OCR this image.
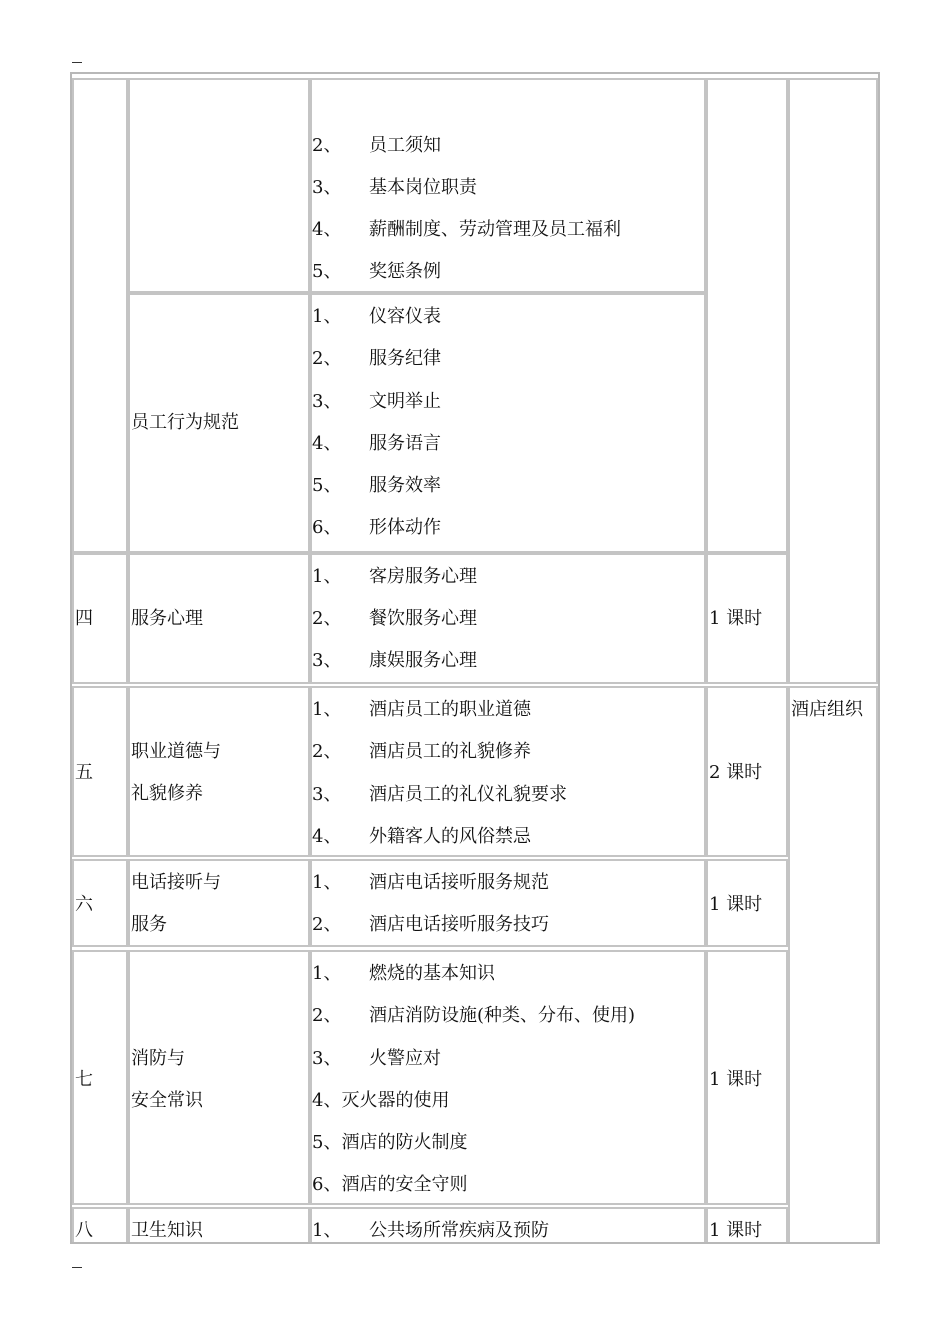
四
五
六
七
八
员工行为规范
服务心理
职业道德与
礼貌修养
电话接听与
服务
消防与
安全常识
卫生知识
2、 员工须知
3、 基本岗位职责
4、 薪酬制度、劳动管理及员工福利
5、 奖惩条例
1、 仪容仪表
2、 服务纪律
3、 文明举止
4、 服务语言
5、 服务效率
6、 形体动作
1、 客房服务心理
2、 餐饮服务心理
3、 康娱服务心理
1、 酒店员工的职业道德
2、 酒店员工的礼貌修养
3、 酒店员工的礼仪礼貌要求
4、 外籍客人的风俗禁忌
1、 酒店电话接听服务规范
2、 酒店电话接听服务技巧
1、 燃烧的基本知识
2、 酒店消防设施(种类、分布、使用)
3、 火警应对
4、灭火器的使用
5、酒店的防火制度
6、酒店的安全守则
1、 公共场所常疾病及预防
1 课时
2 课时
1 课时
1 课时
1 课时
酒店组织
